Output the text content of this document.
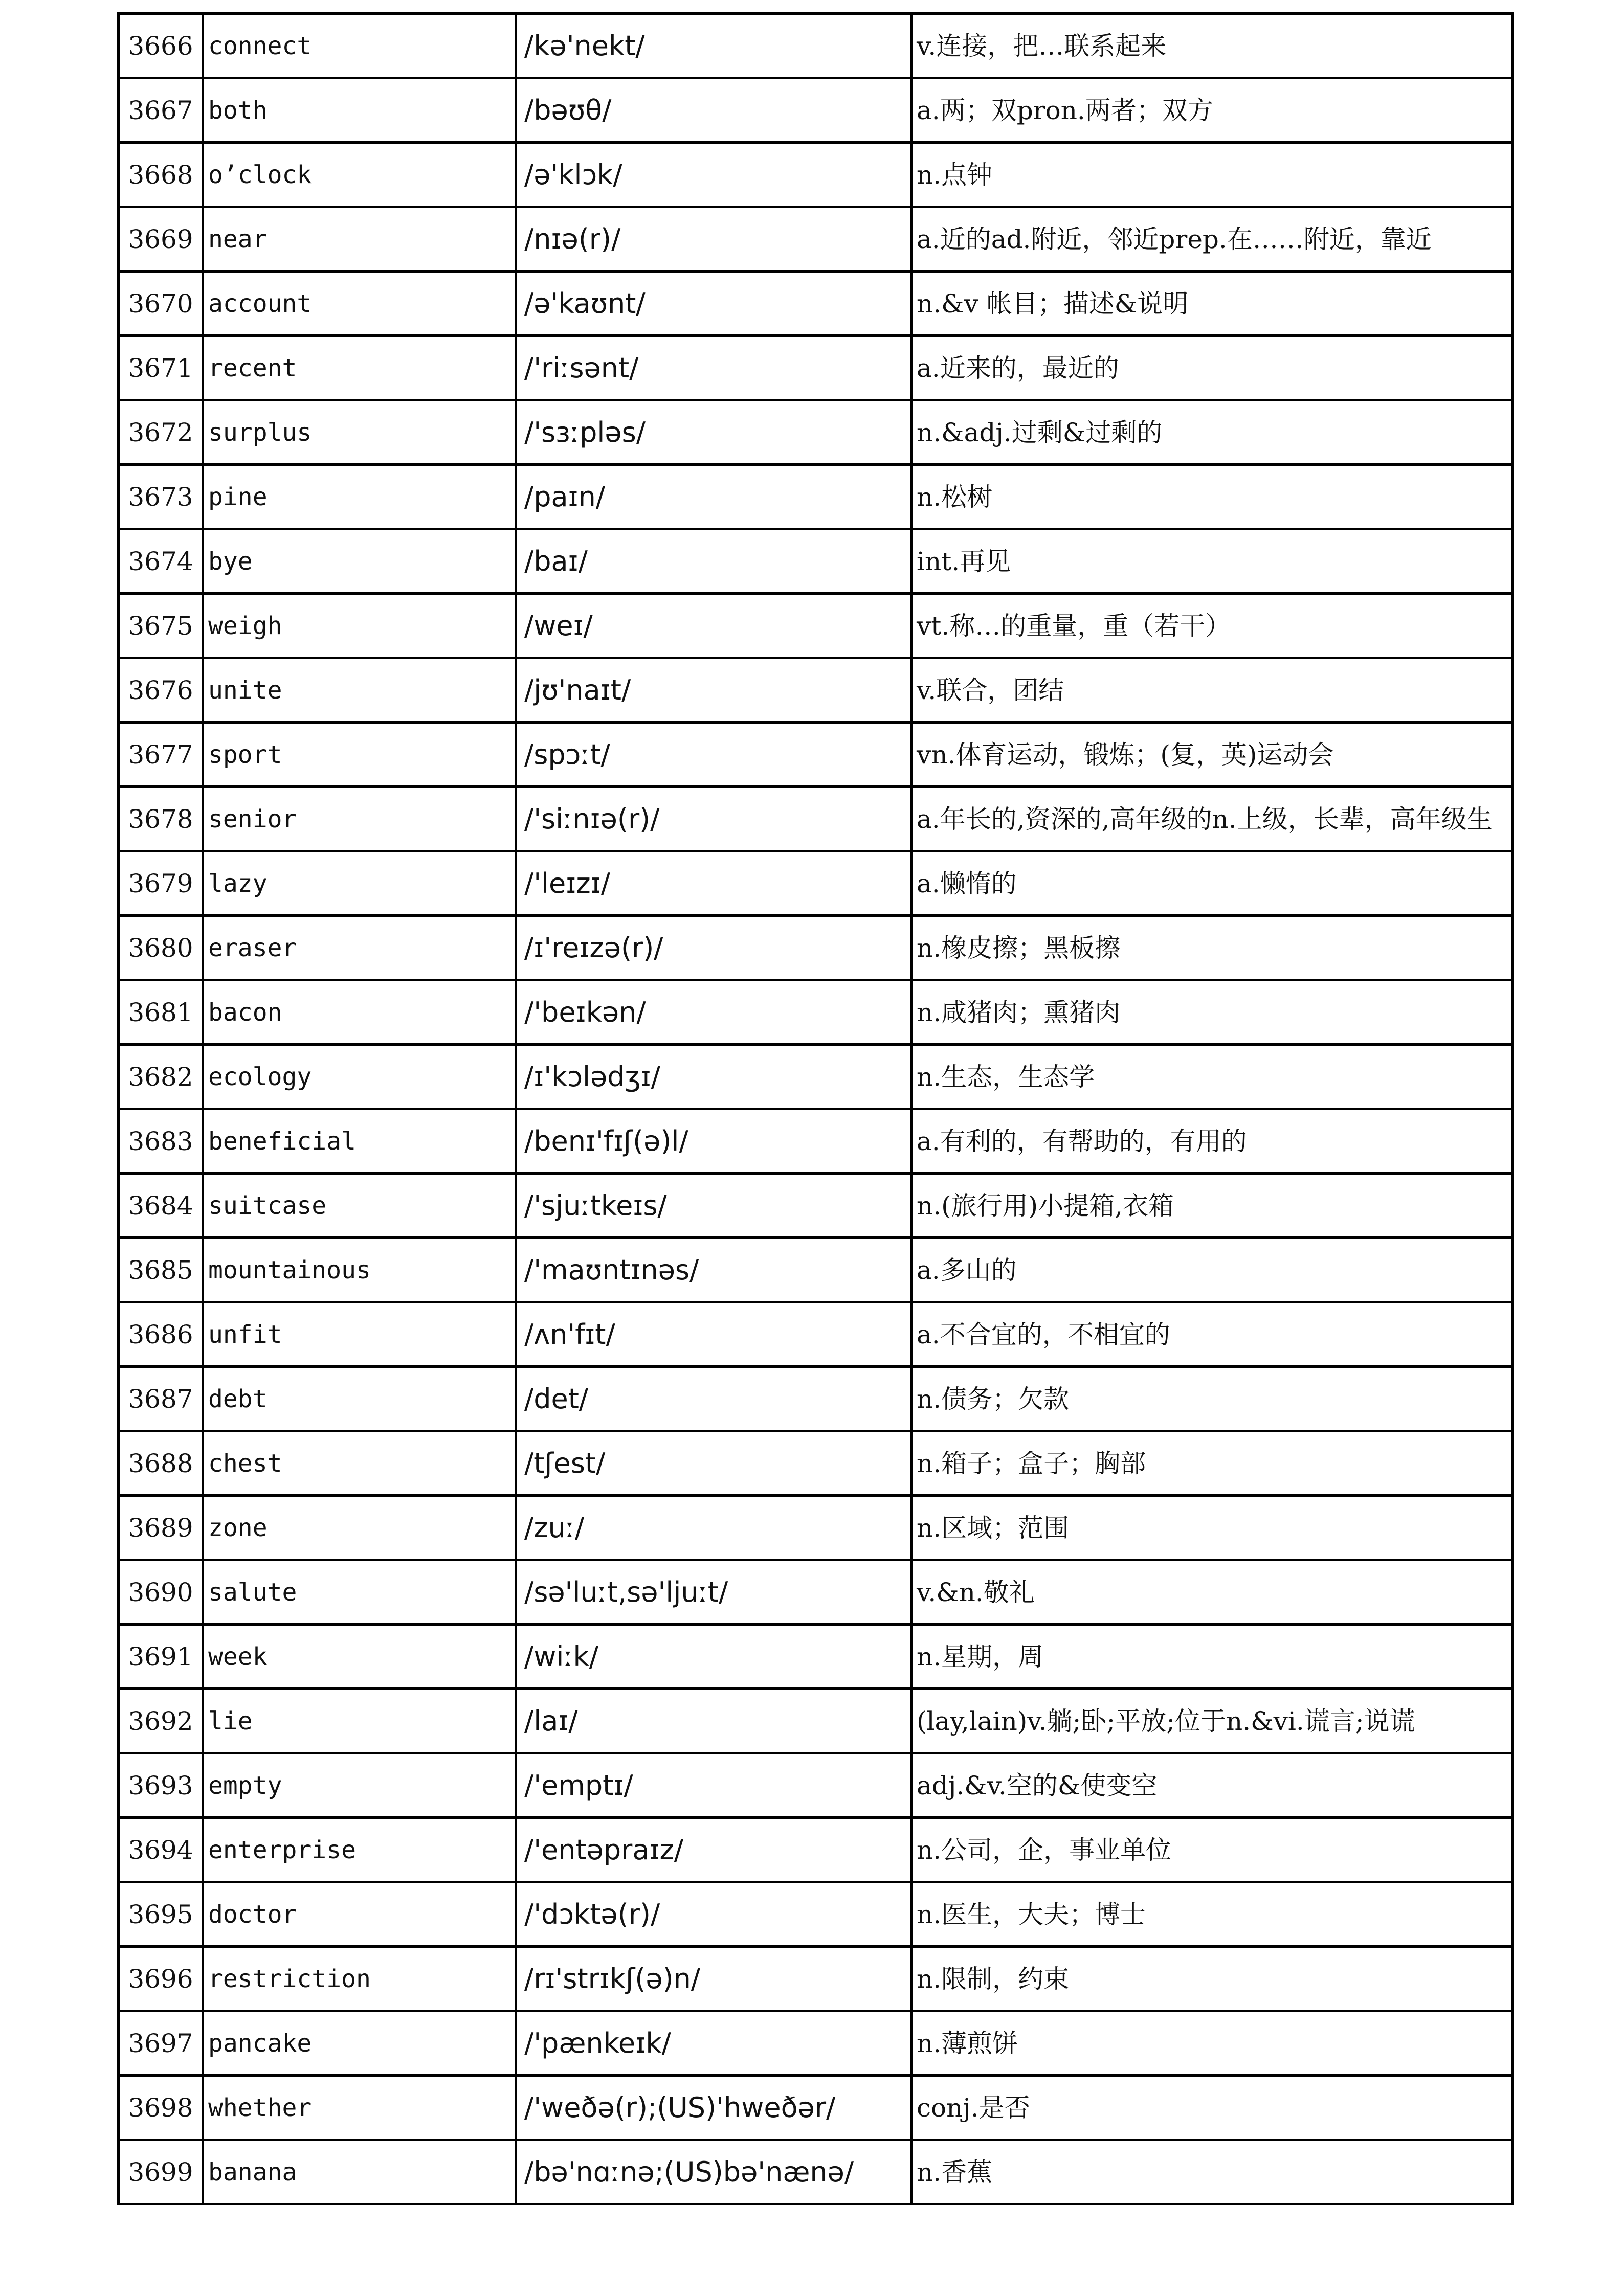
3666	connect	/kə'nekt/	v.连接，把…联系起来
3667	both	/bəʊθ/	a.两；双pron.两者；双方
3668	o’clock	/ə'klɔk/	n.点钟
3669	near	/nɪə(r)/	a.近的ad.附近，邻近prep.在……附近，靠近
3670	account	/ə'kaʊnt/	n.&v 帐目；描述&说明
3671	recent	/'riːsənt/	a.近来的，最近的
3672	surplus	/'sɜːpləs/	n.&adj.过剩&过剩的
3673	pine	/paɪn/	n.松树
3674	bye	/baɪ/	int.再见
3675	weigh	/weɪ/	vt.称…的重量，重（若干）
3676	unite	/jʊ'naɪt/	v.联合，团结
3677	sport	/spɔːt/	vn.体育运动，锻炼；(复，英)运动会
3678	senior	/'siːnɪə(r)/	a.年长的,资深的,高年级的n.上级，长辈，高年级生
3679	lazy	/'leɪzɪ/	a.懒惰的
3680	eraser	/ɪ'reɪzə(r)/	n.橡皮擦；黑板擦
3681	bacon	/'beɪkən/	n.咸猪肉；熏猪肉
3682	ecology	/ɪ'kɔlədʒɪ/	n.生态，生态学
3683	beneficial	/benɪ'fɪʃ(ə)l/	a.有利的，有帮助的，有用的
3684	suitcase	/'sjuːtkeɪs/	n.(旅行用)小提箱,衣箱
3685	mountainous	/'maʊntɪnəs/	a.多山的
3686	unfit	/ʌn'fɪt/	a.不合宜的，不相宜的
3687	debt	/det/	n.债务；欠款
3688	chest	/tʃest/	n.箱子；盒子；胸部
3689	zone	/zuː/	n.区域；范围
3690	salute	/sə'luːt,sə'ljuːt/	v.&n.敬礼
3691	week	/wiːk/	n.星期，周
3692	lie	/laɪ/	(lay,lain)v.躺;卧;平放;位于n.&vi.谎言;说谎
3693	empty	/'emptɪ/	adj.&v.空的&使变空
3694	enterprise	/'entəpraɪz/	n.公司，企，事业单位
3695	doctor	/'dɔktə(r)/	n.医生，大夫；博士
3696	restriction	/rɪ'strɪkʃ(ə)n/	n.限制，约束
3697	pancake	/'pænkeɪk/	n.薄煎饼
3698	whether	/'weðə(r);(US)'hweðər/	conj.是否
3699	banana	/bə'nɑːnə;(US)bə'nænə/	n.香蕉
